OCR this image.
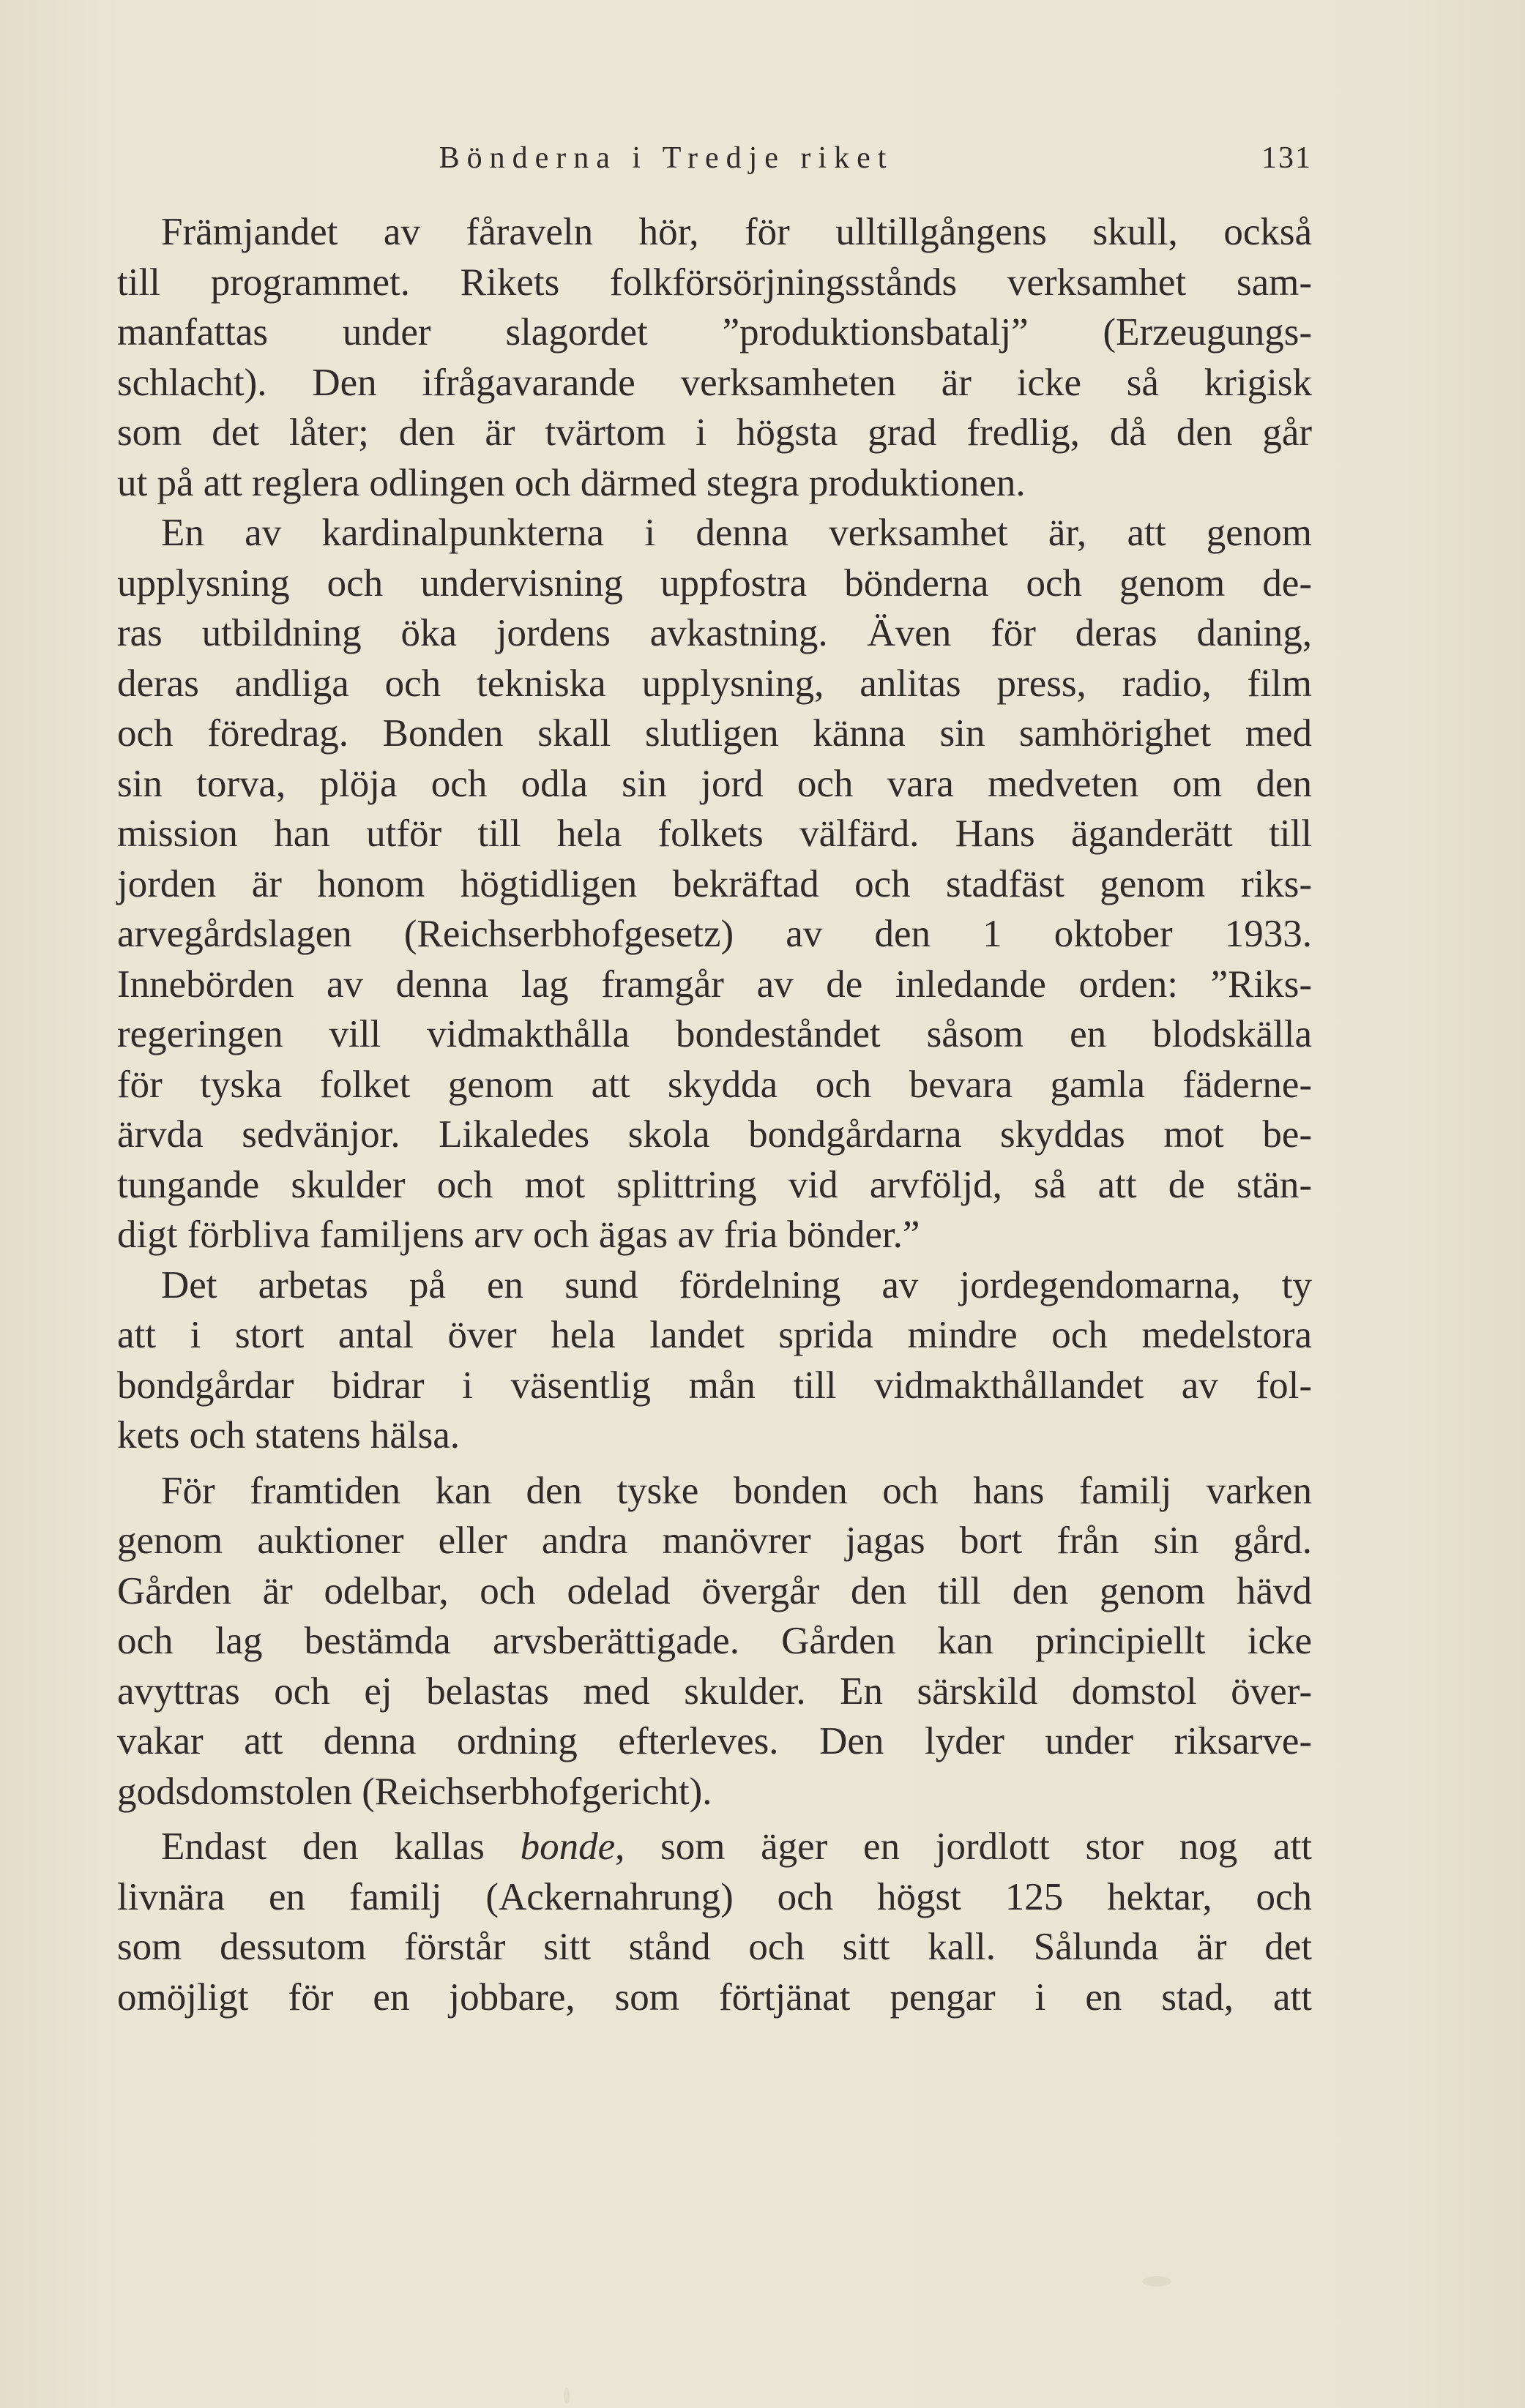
Bönderna i Tredje riket	131
Främjandet av fåraveln hör, för ulltillgångens skull, också
till programmet. Rikets folkförsörjningsstånds verksamhet sam-
manfattas under slagordet ”produktionsbatalj” (Erzeugungs-
schlacht). Den ifrågavarande verksamheten är icke så krigisk
som det låter; den är tvärtom i högsta grad fredlig, då den går
ut på att reglera odlingen och därmed stegra produktionen.
En av kardinalpunkterna i denna verksamhet är, att genom
upplysning och undervisning uppfostra bönderna och genom de-
ras utbildning öka jordens avkastning. Även för deras daning,
deras andliga och tekniska upplysning, anlitas press, radio, film
och föredrag. Bonden skall slutligen känna sin samhörighet med
sin torva, plöja och odla sin jord och vara medveten om den
mission han utför till hela folkets välfärd. Hans äganderätt till
jorden är honom högtidligen bekräftad och stadfäst genom riks-
arvegårdslagen (Reichserbhofgesetz) av den 1 oktober 1933.
Innebörden av denna lag framgår av de inledande orden: ”Riks-
regeringen vill vidmakthålla bondeståndet såsom en blodskälla
för tyska folket genom att skydda och bevara gamla fäderne-
ärvda sedvänjor. Likaledes skola bondgårdarna skyddas mot be-
tungande skulder och mot splittring vid arvföljd, så att de stän-
digt förbliva familjens arv och ägas av fria bönder.”
Det arbetas på en sund fördelning av jordegendomarna, ty
att i stort antal över hela landet sprida mindre och medelstora
bondgårdar bidrar i väsentlig mån till vidmakthållandet av fol-
kets och statens hälsa.
För framtiden kan den tyske bonden och hans familj varken
genom auktioner eller andra manövrer jagas bort från sin gård.
Gården är odelbar, och odelad övergår den till den genom hävd
och lag bestämda arvsberättigade. Gården kan principiellt icke
avyttras och ej belastas med skulder. En särskild domstol över-
vakar att denna ordning efterleves. Den lyder under riksarve-
godsdomstolen (Reichserbhofgericht).
Endast den kallas bonde, som äger en jordlott stor nog att
livnära en familj (Ackernahrung) och högst 125 hektar, och
som dessutom förstår sitt stånd och sitt kall. Sålunda är det
omöjligt för en jobbare, som förtjänat pengar i en stad, att
